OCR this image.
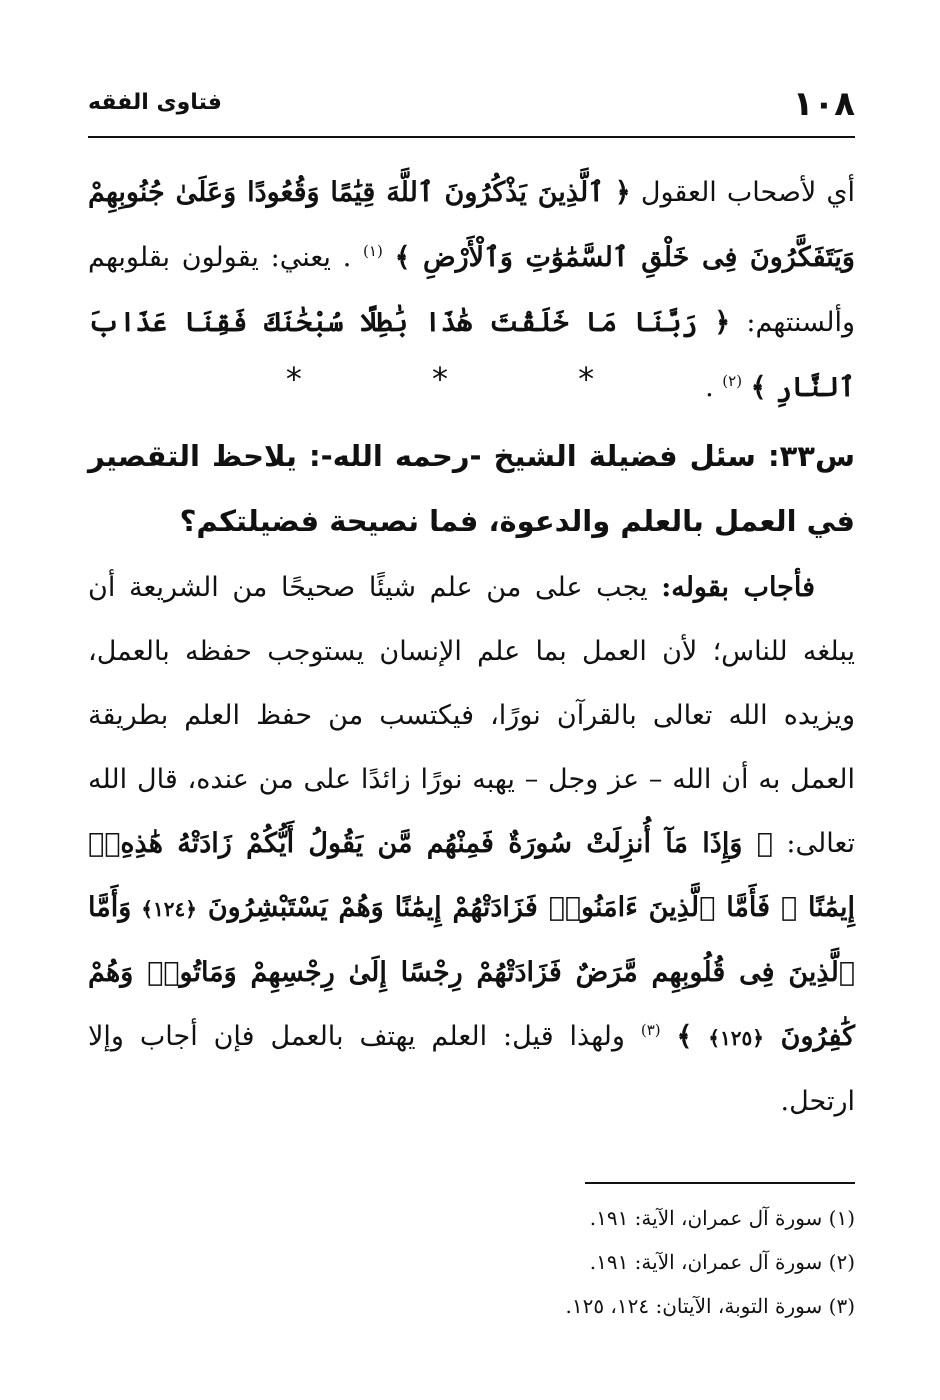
١٠٨
فتاوى الفقه

أي لأصحاب العقول ﴿ ٱلَّذِينَ يَذْكُرُونَ ٱللَّهَ قِيَٰمًا وَقُعُودًا وَعَلَىٰ جُنُوبِهِمْ وَيَتَفَكَّرُونَ فِى خَلْقِ ٱلسَّمَٰوَٰتِ وَٱلْأَرْضِ ﴾ $^{(١)}$ . يعني: يقولون بقلوبهم وألسنتهم: ﴿ رَبَّنَا مَا خَلَقْتَ هَٰذَا بَٰطِلًا سُبْحَٰنَكَ فَقِنَا عَذَابَ ٱلنَّارِ ﴾ $^{(٢)}$ .

* * *
س٣٣: سئل فضيلة الشيخ -رحمه الله-: يلاحظ التقصير في العمل بالعلم والدعوة، فما نصيحة فضيلتكم؟

فأجاب بقوله: يجب على من علم شيئًا صحيحًا من الشريعة أن يبلغه للناس؛ لأن العمل بما علم الإنسان يستوجب حفظه بالعمل، ويزيده الله تعالى بالقرآن نورًا، فيكتسب من حفظ العلم بطريقة العمل به أن الله – عز وجل – يهبه نورًا زائدًا على من عنده، قال الله تعالى: ﴿ وَإِذَا مَآ أُنزِلَتْ سُورَةٌ فَمِنْهُم مَّن يَقُولُ أَيُّكُمْ زَادَتْهُ هَٰذِهِۦٓ إِيمَٰنًا ۚ فَأَمَّا ٱلَّذِينَ ءَامَنُوا۟ فَزَادَتْهُمْ إِيمَٰنًا وَهُمْ يَسْتَبْشِرُونَ ﴿١٢٤﴾ وَأَمَّا ٱلَّذِينَ فِى قُلُوبِهِم مَّرَضٌ فَزَادَتْهُمْ رِجْسًا إِلَىٰ رِجْسِهِمْ وَمَاتُوا۟ وَهُمْ كَٰفِرُونَ ﴿١٢٥﴾ ﴾ $^{(٣)}$ ولهذا قيل: العلم يهتف بالعمل فإن أجاب وإلا ارتحل.

(١) سورة آل عمران، الآية: ١٩١.

(٢) سورة آل عمران، الآية: ١٩١.

(٣) سورة التوبة، الآيتان: ١٢٤، ١٢٥.
